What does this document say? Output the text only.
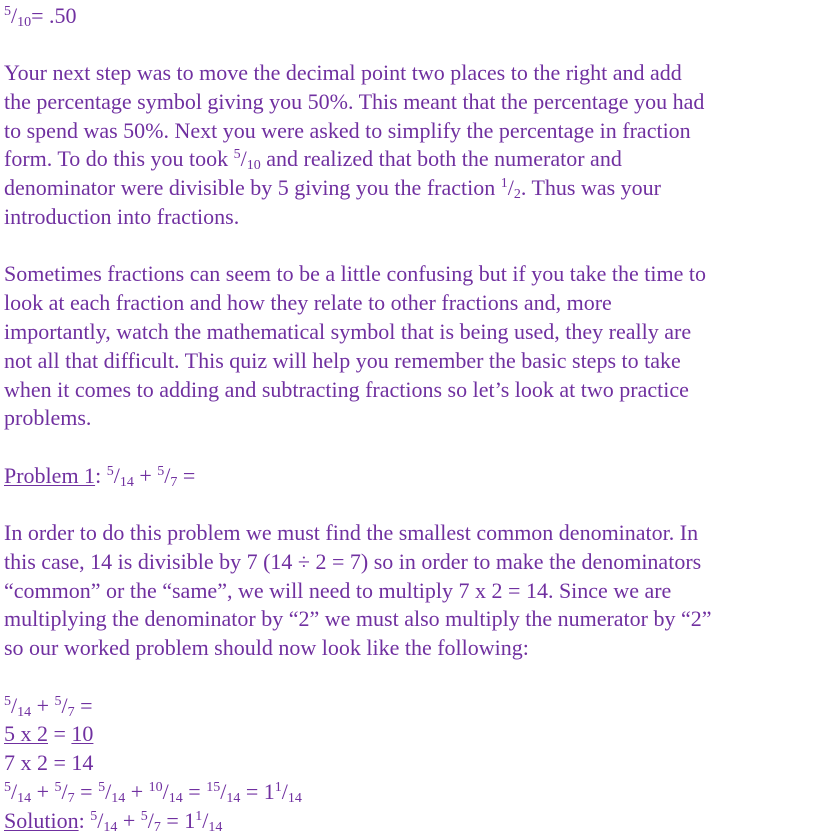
$^5/_{10}= .50$
Your next step was to move the decimal point two places to the right and add
the percentage symbol giving you 50%. This meant that the percentage you had
to spend was 50%. Next you were asked to simplify the percentage in fraction
form. To do this you took $^5/_{10}$ and realized that both the numerator and
denominator were divisible by 5 giving you the fraction $^1/_2$. Thus was your
introduction into fractions.
Sometimes fractions can seem to be a little confusing but if you take the time to
look at each fraction and how they relate to other fractions and, more
importantly, watch the mathematical symbol that is being used, they really are
not all that difficult. This quiz will help you remember the basic steps to take
when it comes to adding and subtracting fractions so let’s look at two practice
problems.
Problem 1: $^5/_{14} + ^5/_7$ =
In order to do this problem we must find the smallest common denominator. In
this case, 14 is divisible by 7 (14 ÷ 2 = 7) so in order to make the denominators
“common” or the “same”, we will need to multiply 7 x 2 = 14. Since we are
multiplying the denominator by “2” we must also multiply the numerator by “2”
so our worked problem should now look like the following:
$^5/_{14} + ^5/_7$ =
5 x 2 = 10
7 x 2 = 14
$^5/_{14} + ^5/_7 = ^5/_{14} + ^{10}/_{14} = ^{15}/_{14} = 1^1/_{14}$
Solution: $^5/_{14} + ^5/_7 = 1^1/_{14}$
